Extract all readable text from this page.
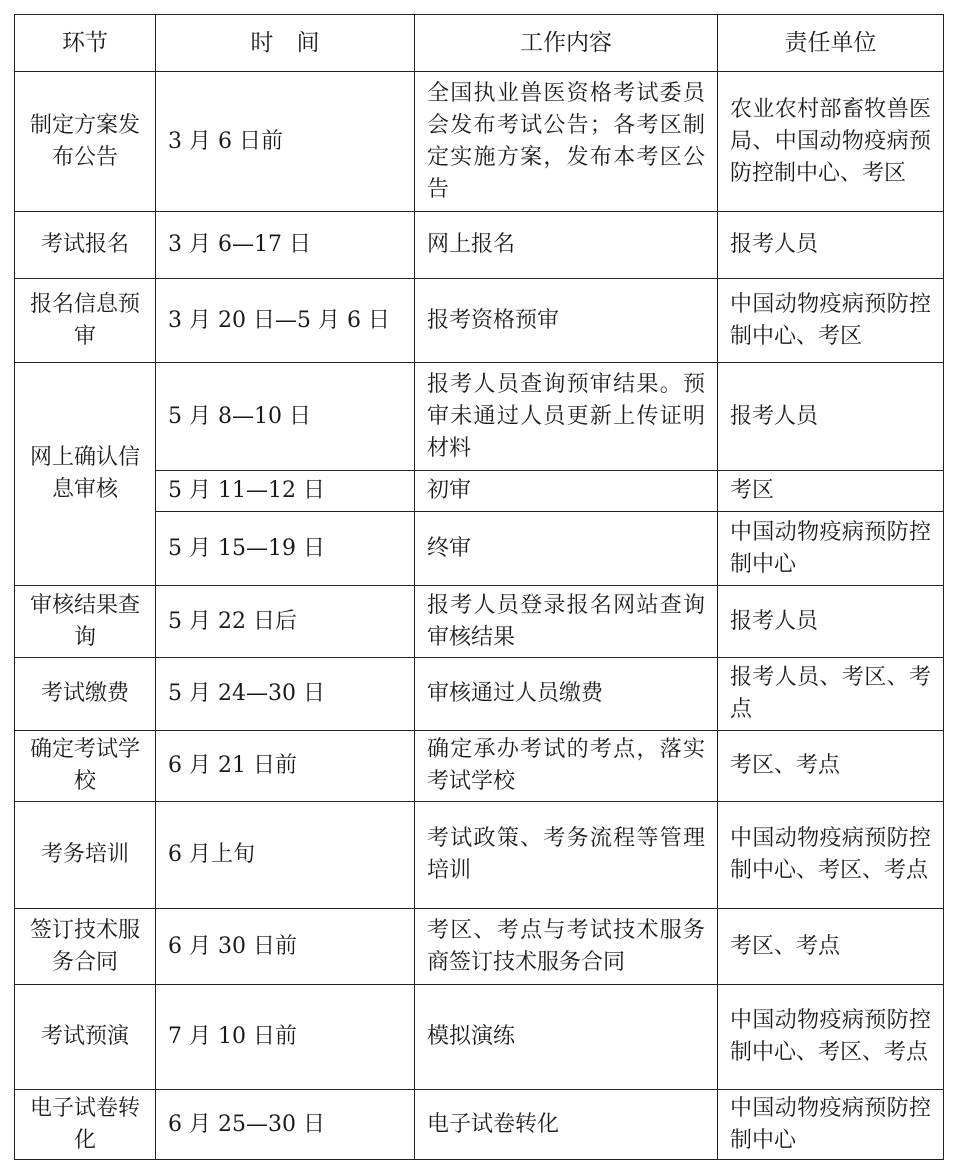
环节	时　间	工作内容	责任单位
制定方案发布公告	3 月 6 日前	全国执业兽医资格考试委员会发布考试公告；各考区制定实施方案，发布本考区公告	农业农村部畜牧兽医局、中国动物疫病预防控制中心、考区
考试报名	3 月 6—17 日	网上报名	报考人员
报名信息预审	3 月 20 日—5 月 6 日	报考资格预审	中国动物疫病预防控制中心、考区
网上确认信息审核	5 月 8—10 日	报考人员查询预审结果。预审未通过人员更新上传证明材料	报考人员
	5 月 11—12 日	初审	考区
	5 月 15—19 日	终审	中国动物疫病预防控制中心
审核结果查询	5 月 22 日后	报考人员登录报名网站查询审核结果	报考人员
考试缴费	5 月 24—30 日	审核通过人员缴费	报考人员、考区、考点
确定考试学校	6 月 21 日前	确定承办考试的考点，落实考试学校	考区、考点
考务培训	6 月上旬	考试政策、考务流程等管理培训	中国动物疫病预防控制中心、考区、考点
签订技术服务合同	6 月 30 日前	考区、考点与考试技术服务商签订技术服务合同	考区、考点
考试预演	7 月 10 日前	模拟演练	中国动物疫病预防控制中心、考区、考点
电子试卷转化	6 月 25—30 日	电子试卷转化	中国动物疫病预防控制中心
